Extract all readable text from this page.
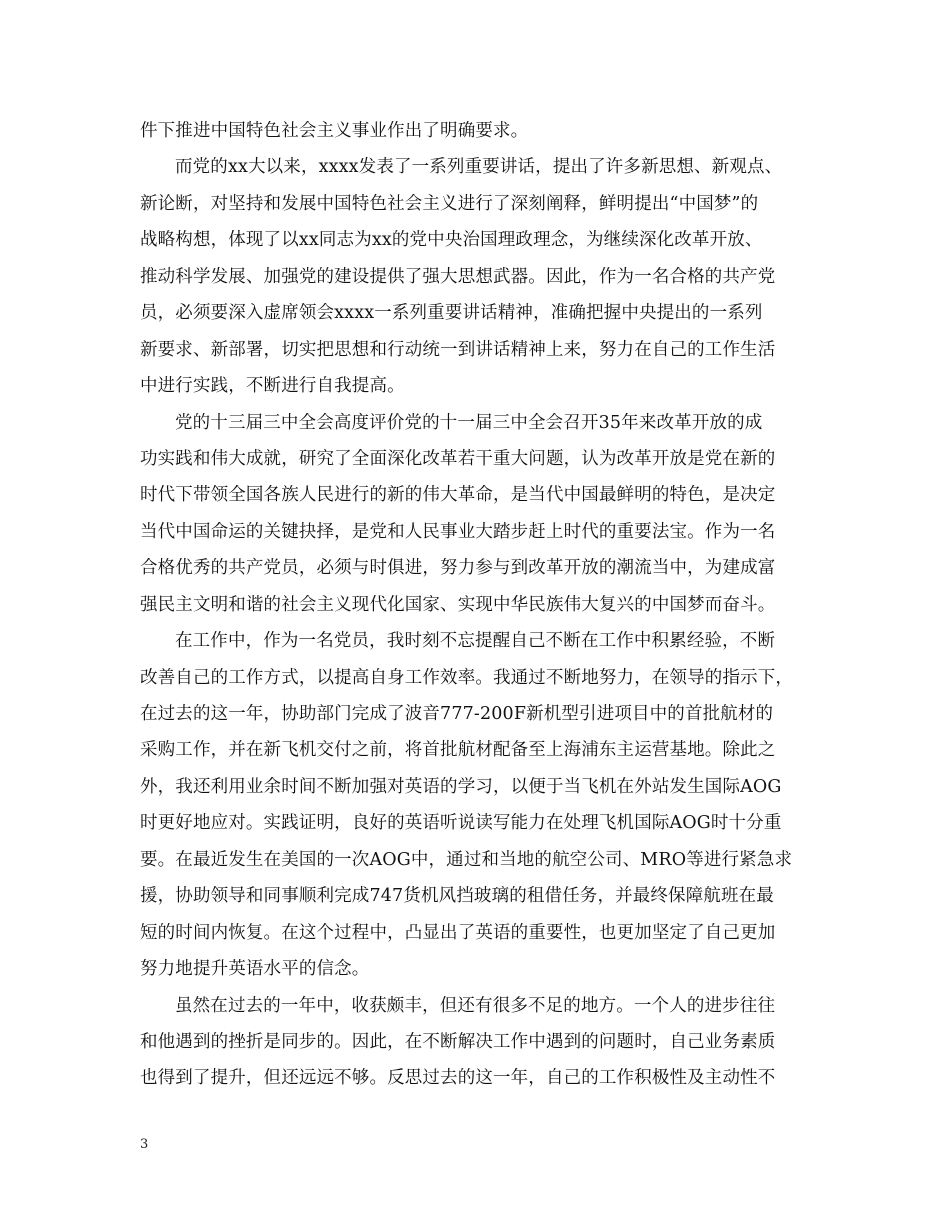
件下推进中国特色社会主义事业作出了明确要求。
而党的xx大以来，xxxx发表了一系列重要讲话，提出了许多新思想、新观点、
新论断，对坚持和发展中国特色社会主义进行了深刻阐释，鲜明提出“中国梦”的
战略构想，体现了以xx同志为xx的党中央治国理政理念，为继续深化改革开放、
推动科学发展、加强党的建设提供了强大思想武器。因此，作为一名合格的共产党
员，必须要深入虚席领会xxxx一系列重要讲话精神，准确把握中央提出的一系列
新要求、新部署，切实把思想和行动统一到讲话精神上来，努力在自己的工作生活
中进行实践，不断进行自我提高。
党的十三届三中全会高度评价党的十一届三中全会召开35年来改革开放的成
功实践和伟大成就，研究了全面深化改革若干重大问题，认为改革开放是党在新的
时代下带领全国各族人民进行的新的伟大革命，是当代中国最鲜明的特色，是决定
当代中国命运的关键抉择，是党和人民事业大踏步赶上时代的重要法宝。作为一名
合格优秀的共产党员，必须与时俱进，努力参与到改革开放的潮流当中，为建成富
强民主文明和谐的社会主义现代化国家、实现中华民族伟大复兴的中国梦而奋斗。
在工作中，作为一名党员，我时刻不忘提醒自己不断在工作中积累经验，不断
改善自己的工作方式，以提高自身工作效率。我通过不断地努力，在领导的指示下，
在过去的这一年，协助部门完成了波音777-200F新机型引进项目中的首批航材的
采购工作，并在新飞机交付之前，将首批航材配备至上海浦东主运营基地。除此之
外，我还利用业余时间不断加强对英语的学习，以便于当飞机在外站发生国际AOG
时更好地应对。实践证明，良好的英语听说读写能力在处理飞机国际AOG时十分重
要。在最近发生在美国的一次AOG中，通过和当地的航空公司、MRO等进行紧急求
援，协助领导和同事顺利完成747货机风挡玻璃的租借任务，并最终保障航班在最
短的时间内恢复。在这个过程中，凸显出了英语的重要性，也更加坚定了自己更加
努力地提升英语水平的信念。
虽然在过去的一年中，收获颇丰，但还有很多不足的地方。一个人的进步往往
和他遇到的挫折是同步的。因此，在不断解决工作中遇到的问题时，自己业务素质
也得到了提升，但还远远不够。反思过去的这一年，自己的工作积极性及主动性不
3
